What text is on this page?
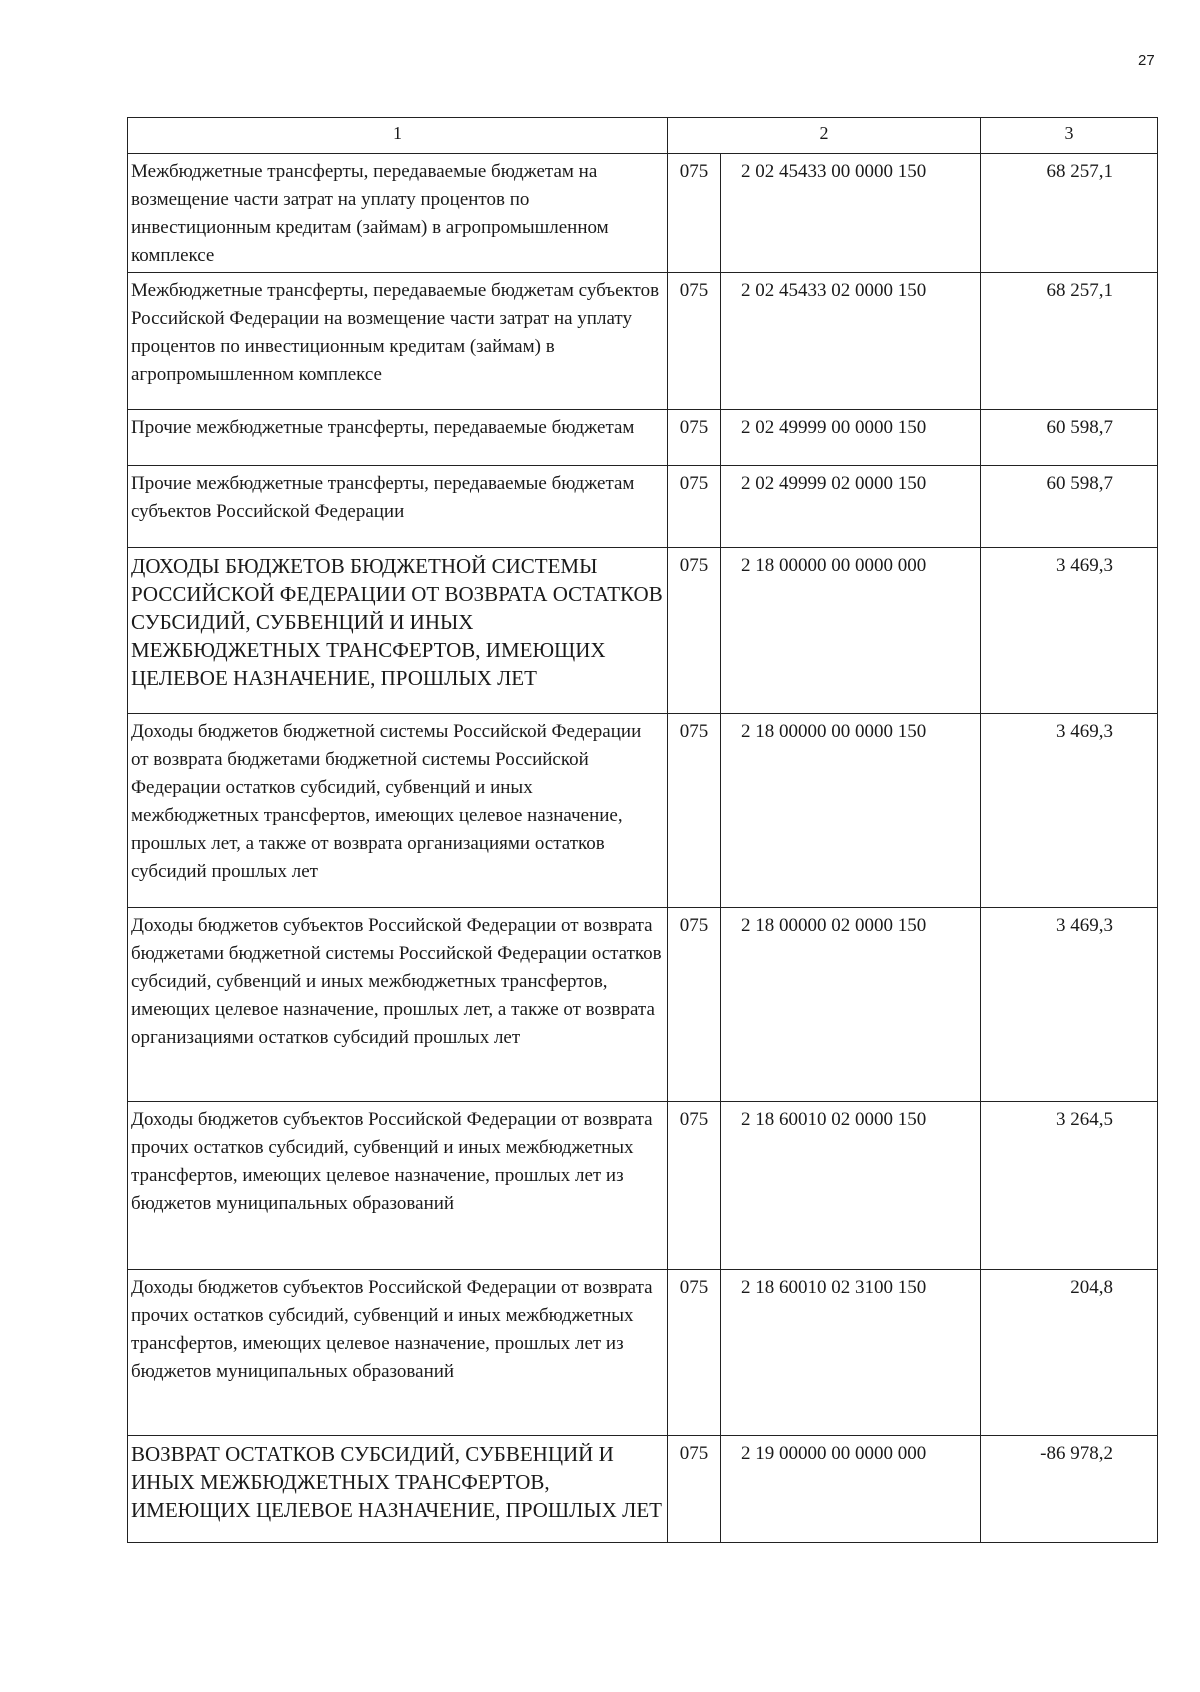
27
1	2		3
Межбюджетные трансферты, передаваемые бюджетам на возмещение части затрат на уплату процентов по инвестиционным кредитам (займам) в агропромышленном комплексе	075	2 02 45433 00 0000 150	68 257,1
Межбюджетные трансферты, передаваемые бюджетам субъектов Российской Федерации на возмещение части затрат на уплату процентов по инвестиционным кредитам (займам) в агропромышленном комплексе	075	2 02 45433 02 0000 150	68 257,1
Прочие межбюджетные трансферты, передаваемые бюджетам	075	2 02 49999 00 0000 150	60 598,7
Прочие межбюджетные трансферты, передаваемые бюджетам субъектов Российской Федерации	075	2 02 49999 02 0000 150	60 598,7
ДОХОДЫ БЮДЖЕТОВ БЮДЖЕТНОЙ СИСТЕМЫ РОССИЙСКОЙ ФЕДЕРАЦИИ ОТ ВОЗВРАТА ОСТАТКОВ СУБСИДИЙ, СУБВЕНЦИЙ И ИНЫХ МЕЖБЮДЖЕТНЫХ ТРАНСФЕРТОВ, ИМЕЮЩИХ ЦЕЛЕВОЕ НАЗНАЧЕНИЕ, ПРОШЛЫХ ЛЕТ	075	2 18 00000 00 0000 000	3 469,3
Доходы бюджетов бюджетной системы Российской Федерации от возврата бюджетами бюджетной системы Российской Федерации остатков субсидий, субвенций и иных межбюджетных трансфертов, имеющих целевое назначение, прошлых лет, а также от возврата организациями остатков субсидий прошлых лет	075	2 18 00000 00 0000 150	3 469,3
Доходы бюджетов субъектов Российской Федерации от возврата бюджетами бюджетной системы Российской Федерации остатков субсидий, субвенций и иных межбюджетных трансфертов, имеющих целевое назначение, прошлых лет, а также от возврата организациями остатков субсидий прошлых лет	075	2 18 00000 02 0000 150	3 469,3
Доходы бюджетов субъектов Российской Федерации от возврата прочих остатков субсидий, субвенций и иных межбюджетных трансфертов, имеющих целевое назначение, прошлых лет из бюджетов муниципальных образований	075	2 18 60010 02 0000 150	3 264,5
Доходы бюджетов субъектов Российской Федерации от возврата прочих остатков субсидий, субвенций и иных межбюджетных трансфертов, имеющих целевое назначение, прошлых лет из бюджетов муниципальных образований	075	2 18 60010 02 3100 150	204,8
ВОЗВРАТ ОСТАТКОВ СУБСИДИЙ, СУБВЕНЦИЙ И ИНЫХ МЕЖБЮДЖЕТНЫХ ТРАНСФЕРТОВ, ИМЕЮЩИХ ЦЕЛЕВОЕ НАЗНАЧЕНИЕ, ПРОШЛЫХ ЛЕТ	075	2 19 00000 00 0000 000	-86 978,2
